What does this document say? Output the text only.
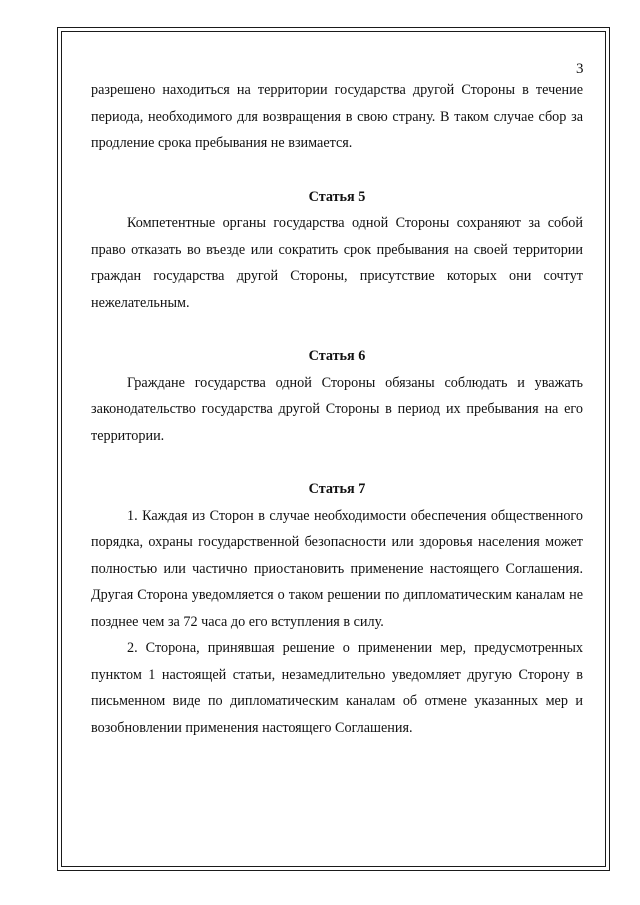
3

разрешено находиться на территории государства другой Стороны в течение периода, необходимого для возвращения в свою страну. В таком случае сбор за продление срока пребывания не взимается.

Статья 5

Компетентные органы государства одной Стороны сохраняют за собой право отказать во въезде или сократить срок пребывания на своей территории граждан государства другой Стороны, присутствие которых они сочтут нежелательным.

Статья 6

Граждане государства одной Стороны обязаны соблюдать и уважать законодательство государства другой Стороны в период их пребывания на его территории.

Статья 7

1. Каждая из Сторон в случае необходимости обеспечения общественного порядка, охраны государственной безопасности или здоровья населения может полностью или частично приостановить применение настоящего Соглашения. Другая Сторона уведомляется о таком решении по дипломатическим каналам не позднее чем за 72 часа до его вступления в силу.

2. Сторона, принявшая решение о применении мер, предусмотренных пунктом 1 настоящей статьи, незамедлительно уведомляет другую Сторону в письменном виде по дипломатическим каналам об отмене указанных мер и возобновлении применения настоящего Соглашения.
